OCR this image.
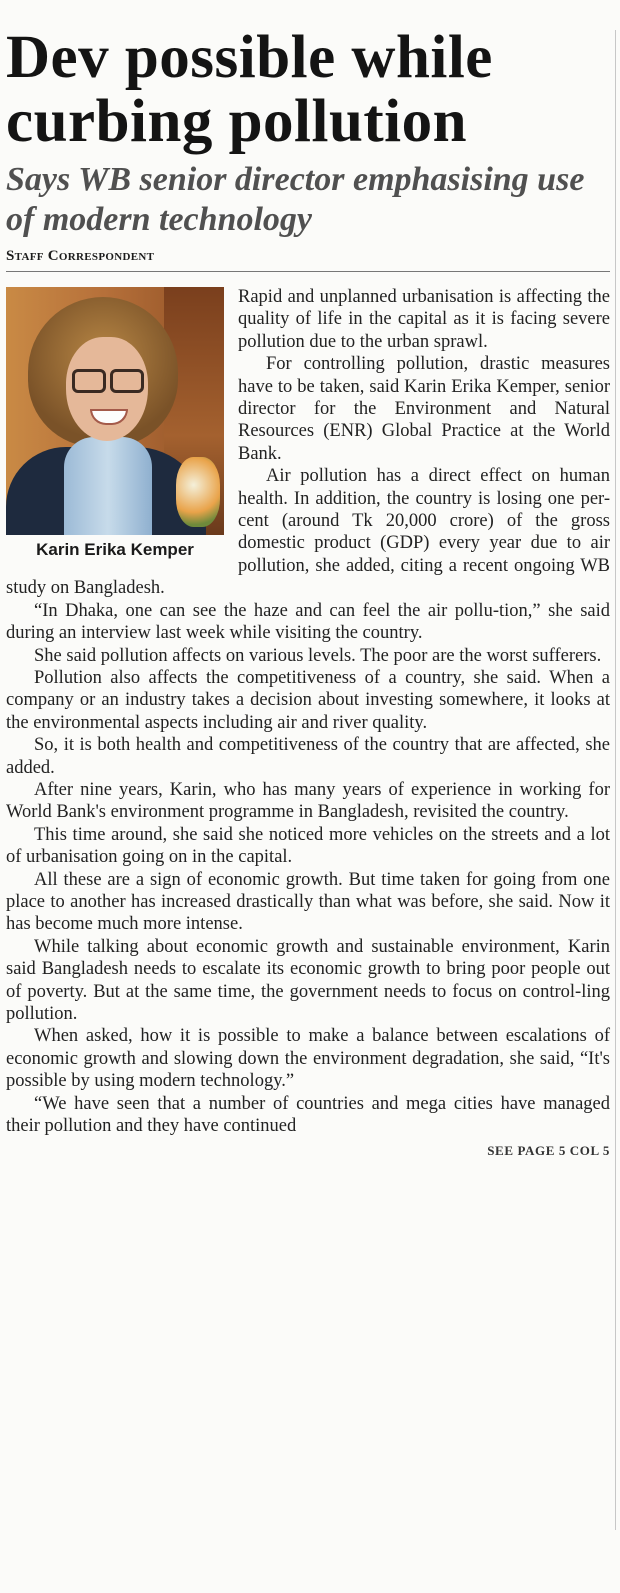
Dev possible while curbing pollution
Says WB senior director emphasising use of modern technology
Staff Correspondent
Karin Erika Kemper

Rapid and unplanned urbanisation is affecting the quality of life in the capital as it is facing severe pollution due to the urban sprawl.

For controlling pollution, drastic measures have to be taken, said Karin Erika Kemper, senior director for the Environment and Natural Resources (ENR) Global Practice at the World Bank.

Air pollution has a direct effect on human health. In addition, the country is losing one per-cent (around Tk 20,000 crore) of the gross domestic product (GDP) every year due to air pollution, she added, citing a recent ongoing WB study on Bangladesh.

“In Dhaka, one can see the haze and can feel the air pollu-tion,” she said during an interview last week while visiting the country.

She said pollution affects on various levels. The poor are the worst sufferers.

Pollution also affects the competitiveness of a country, she said. When a company or an industry takes a decision about investing somewhere, it looks at the environmental aspects including air and river quality.

So, it is both health and competitiveness of the country that are affected, she added.

After nine years, Karin, who has many years of experience in working for World Bank's environment programme in Bangladesh, revisited the country.

This time around, she said she noticed more vehicles on the streets and a lot of urbanisation going on in the capital.

All these are a sign of economic growth. But time taken for going from one place to another has increased drastically than what was before, she said. Now it has become much more intense.

While talking about economic growth and sustainable environment, Karin said Bangladesh needs to escalate its economic growth to bring poor people out of poverty. But at the same time, the government needs to focus on control-ling pollution.

When asked, how it is possible to make a balance between escalations of economic growth and slowing down the environment degradation, she said, “It's possible by using modern technology.”

“We have seen that a number of countries and mega cities have managed their pollution and they have continued

SEE PAGE 5 COL 5
